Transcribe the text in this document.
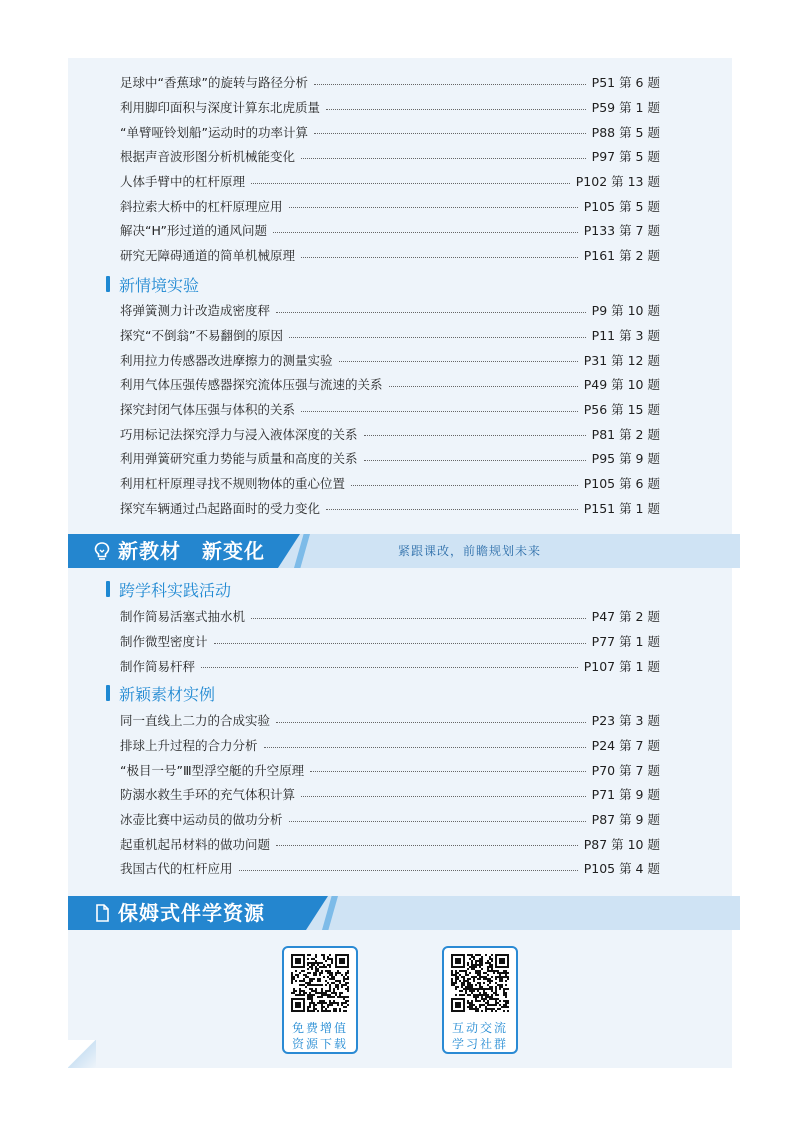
足球中“香蕉球”的旋转与路径分析	P51 第 6 题
利用脚印面积与深度计算东北虎质量	P59 第 1 题
“单臂哑铃划船”运动时的功率计算	P88 第 5 题
根据声音波形图分析机械能变化	P97 第 5 题
人体手臂中的杠杆原理	P102 第 13 题
斜拉索大桥中的杠杆原理应用	P105 第 5 题
解决“H”形过道的通风问题	P133 第 7 题
研究无障碍通道的简单机械原理	P161 第 2 题
新情境实验
将弹簧测力计改造成密度秤	P9 第 10 题
探究“不倒翁”不易翻倒的原因	P11 第 3 题
利用拉力传感器改进摩擦力的测量实验	P31 第 12 题
利用气体压强传感器探究流体压强与流速的关系	P49 第 10 题
探究封闭气体压强与体积的关系	P56 第 15 题
巧用标记法探究浮力与浸入液体深度的关系	P81 第 2 题
利用弹簧研究重力势能与质量和高度的关系	P95 第 9 题
利用杠杆原理寻找不规则物体的重心位置	P105 第 6 题
探究车辆通过凸起路面时的受力变化	P151 第 1 题
新教材　新变化	紧跟课改，前瞻规划未来
跨学科实践活动
制作简易活塞式抽水机	P47 第 2 题
制作微型密度计	P77 第 1 题
制作简易杆秤	P107 第 1 题
新颖素材实例
同一直线上二力的合成实验	P23 第 3 题
排球上升过程的合力分析	P24 第 7 题
“极目一号”Ⅲ型浮空艇的升空原理	P70 第 7 题
防溺水救生手环的充气体积计算	P71 第 9 题
冰壶比赛中运动员的做功分析	P87 第 9 题
起重机起吊材料的做功问题	P87 第 10 题
我国古代的杠杆应用	P105 第 4 题
保姆式伴学资源
免费增值
资源下载
互动交流
学习社群
